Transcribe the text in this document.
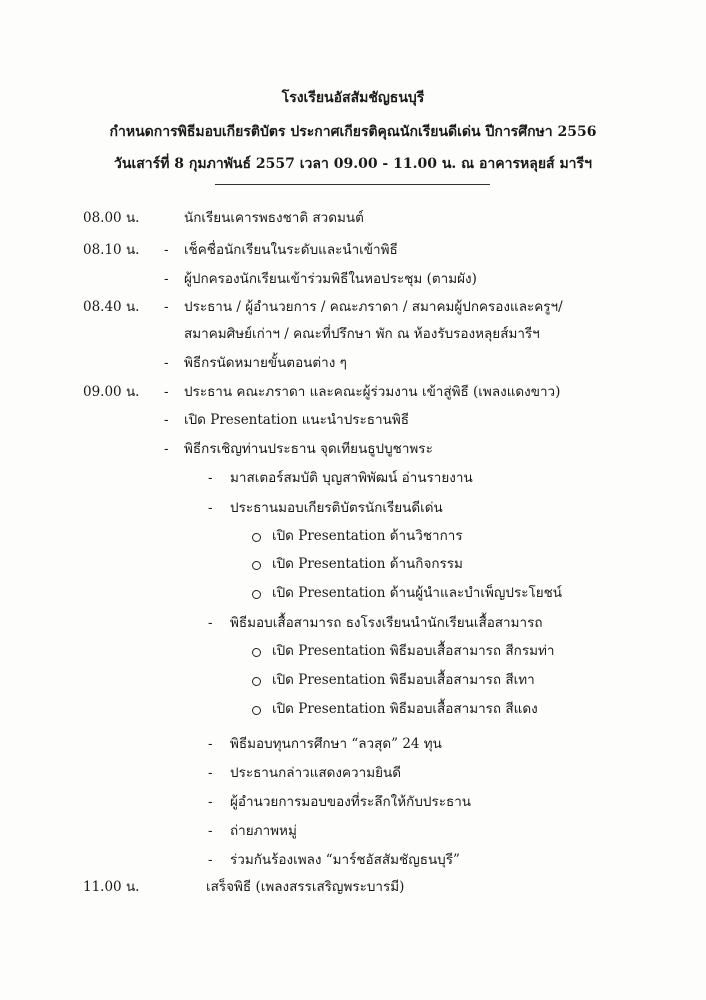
โรงเรียนอัสสัมชัญธนบุรี
กำหนดการพิธีมอบเกียรติบัตร ประกาศเกียรติคุณนักเรียนดีเด่น ปีการศึกษา 2556
วันเสาร์ที่ 8 กุมภาพันธ์ 2557 เวลา 09.00 - 11.00 น. ณ อาคารหลุยส์ มารีฯ
08.00 น.	นักเรียนเคารพธงชาติ สวดมนต์
08.10 น. - เช็คชื่อนักเรียนในระดับและนำเข้าพิธี
- ผู้ปกครองนักเรียนเข้าร่วมพิธีในหอประชุม (ตามผัง)
08.40 น. - ประธาน / ผู้อำนวยการ / คณะภราดา / สมาคมผู้ปกครองและครูฯ/
สมาคมศิษย์เก่าฯ / คณะที่ปรึกษา พัก ณ ห้องรับรองหลุยส์มารีฯ
- พิธีกรนัดหมายขั้นตอนต่าง ๆ
09.00 น. - ประธาน คณะภราดา และคณะผู้ร่วมงาน เข้าสู่พิธี (เพลงแดงขาว)
- เปิด Presentation แนะนำประธานพิธี
- พิธีกรเชิญท่านประธาน จุดเทียนธูปบูชาพระ
- มาสเตอร์สมบัติ บุญสาพิพัฒน์ อ่านรายงาน
- ประธานมอบเกียรติบัตรนักเรียนดีเด่น
เปิด Presentation ด้านวิชาการ
เปิด Presentation ด้านกิจกรรม
เปิด Presentation ด้านผู้นำและบำเพ็ญประโยชน์
- พิธีมอบเสื้อสามารถ ธงโรงเรียนนำนักเรียนเสื้อสามารถ
เปิด Presentation พิธีมอบเสื้อสามารถ สีกรมท่า
เปิด Presentation พิธีมอบเสื้อสามารถ สีเทา
เปิด Presentation พิธีมอบเสื้อสามารถ สีแดง
- พิธีมอบทุนการศึกษา “ลวสุด” 24 ทุน
- ประธานกล่าวแสดงความยินดี
- ผู้อำนวยการมอบของที่ระลึกให้กับประธาน
- ถ่ายภาพหมู่
- ร่วมกันร้องเพลง “มาร์ชอัสสัมชัญธนบุรี”
11.00 น.	เสร็จพิธี (เพลงสรรเสริญพระบารมี)
